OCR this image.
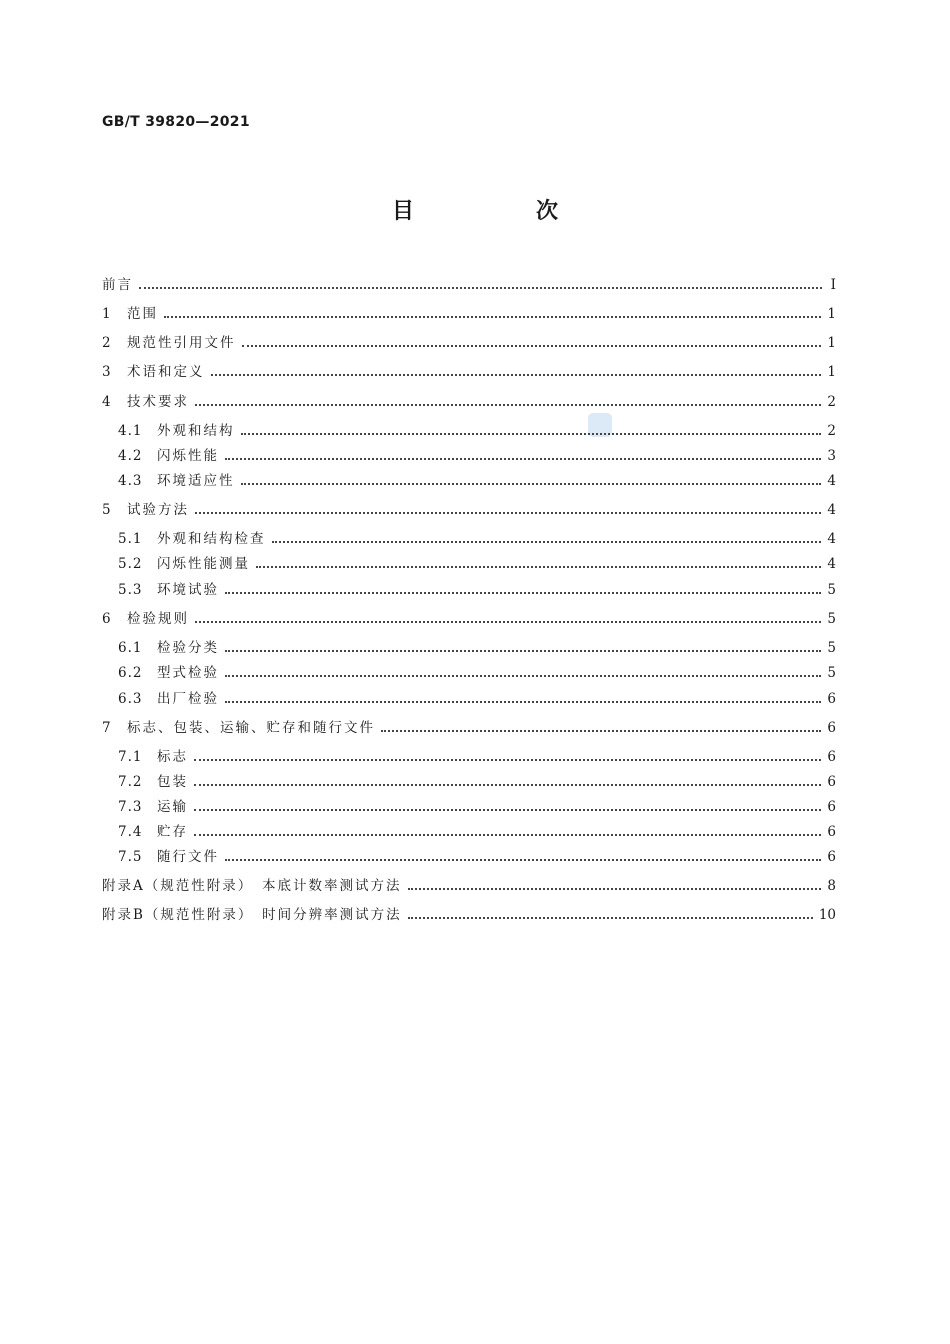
GB/T 39820—2021
目　次
前言	Ⅰ
1	范围	1
2	规范性引用文件	1
3	术语和定义	1
4	技术要求	2
4.1	外观和结构	2
4.2	闪烁性能	3
4.3	环境适应性	4
5	试验方法	4
5.1	外观和结构检查	4
5.2	闪烁性能测量	4
5.3	环境试验	5
6	检验规则	5
6.1	检验分类	5
6.2	型式检验	5
6.3	出厂检验	6
7	标志、包装、运输、贮存和随行文件	6
7.1	标志	6
7.2	包装	6
7.3	运输	6
7.4	贮存	6
7.5	随行文件	6
附录A（规范性附录）　本底计数率测试方法	8
附录B（规范性附录）　时间分辨率测试方法	10
